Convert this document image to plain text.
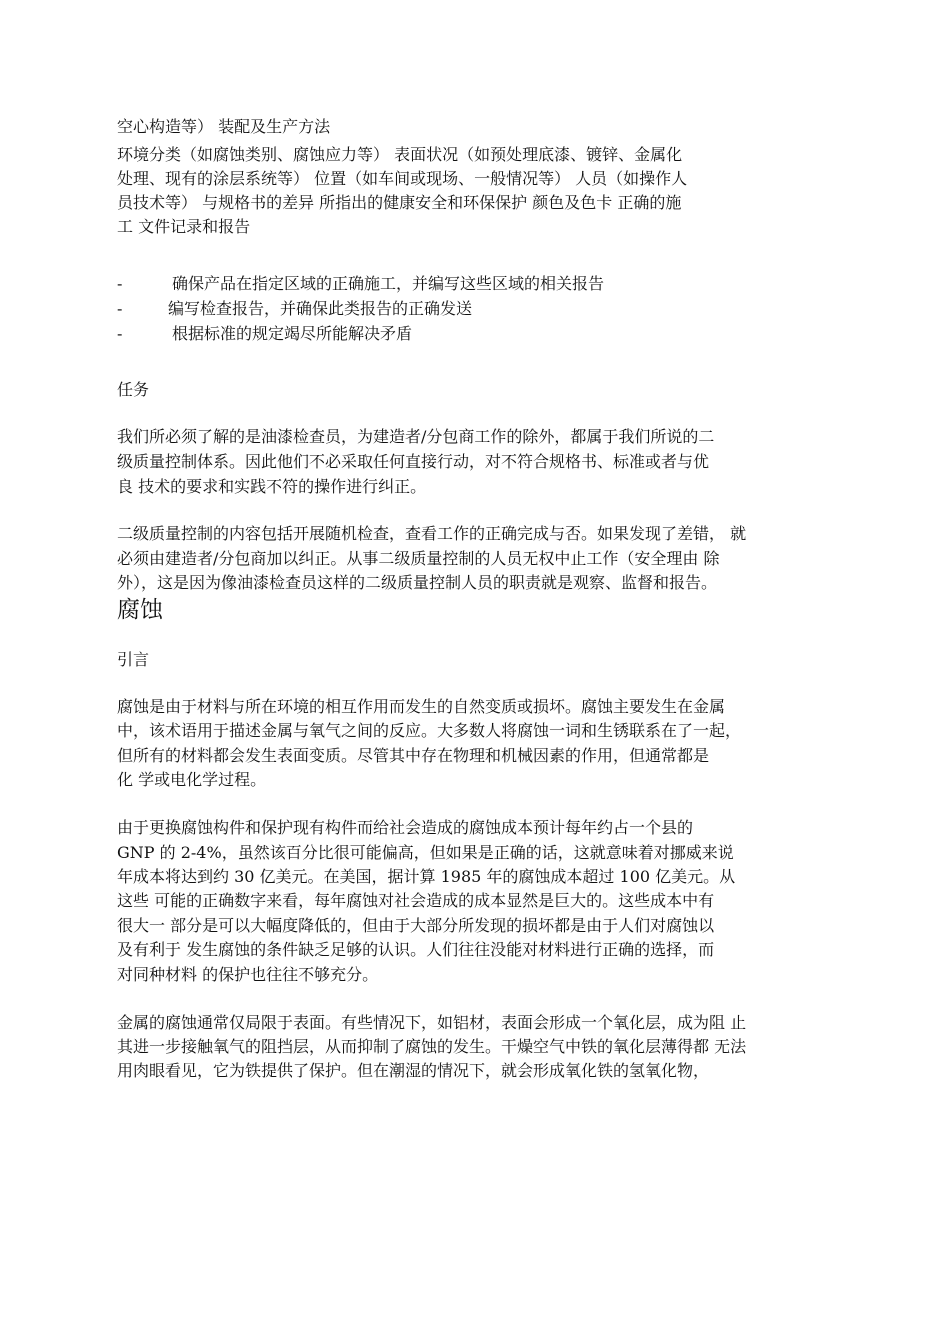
空心构造等） 装配及生产方法
环境分类（如腐蚀类别、腐蚀应力等） 表面状况（如预处理底漆、镀锌、金属化
处理、现有的涂层系统等） 位置（如车间或现场、一般情况等） 人员（如操作人
员技术等） 与规格书的差异 所指出的健康安全和环保保护 颜色及色卡 正确的施
工 文件记录和报告
-	确保产品在指定区域的正确施工，并编写这些区域的相关报告
-	编写检查报告，并确保此类报告的正确发送
-	根据标准的规定竭尽所能解决矛盾
任务
我们所必须了解的是油漆检查员，为建造者/分包商工作的除外，都属于我们所说的二
级质量控制体系。因此他们不必采取任何直接行动，对不符合规格书、标准或者与优
良 技术的要求和实践不符的操作进行纠正。
二级质量控制的内容包括开展随机检查，查看工作的正确完成与否。如果发现了差错， 就
必须由建造者/分包商加以纠正。从事二级质量控制的人员无权中止工作（安全理由 除
外），这是因为像油漆检查员这样的二级质量控制人员的职责就是观察、监督和报告。
腐蚀
引言
腐蚀是由于材料与所在环境的相互作用而发生的自然变质或损坏。腐蚀主要发生在金属
中，该术语用于描述金属与氧气之间的反应。大多数人将腐蚀一词和生锈联系在了一起，
但所有的材料都会发生表面变质。尽管其中存在物理和机械因素的作用，但通常都是
化 学或电化学过程。
由于更换腐蚀构件和保护现有构件而给社会造成的腐蚀成本预计每年约占一个县的
GNP 的 2-4%，虽然该百分比很可能偏高，但如果是正确的话，这就意味着对挪威来说
年成本将达到约 30 亿美元。在美国，据计算 1985 年的腐蚀成本超过 100 亿美元。从
这些 可能的正确数字来看，每年腐蚀对社会造成的成本显然是巨大的。这些成本中有
很大一 部分是可以大幅度降低的，但由于大部分所发现的损坏都是由于人们对腐蚀以
及有利于 发生腐蚀的条件缺乏足够的认识。人们往往没能对材料进行正确的选择，而
对同种材料 的保护也往往不够充分。
金属的腐蚀通常仅局限于表面。有些情况下，如铝材，表面会形成一个氧化层，成为阻 止
其进一步接触氧气的阻挡层，从而抑制了腐蚀的发生。干燥空气中铁的氧化层薄得都 无法
用肉眼看见，它为铁提供了保护。但在潮湿的情况下，就会形成氧化铁的氢氧化物，
